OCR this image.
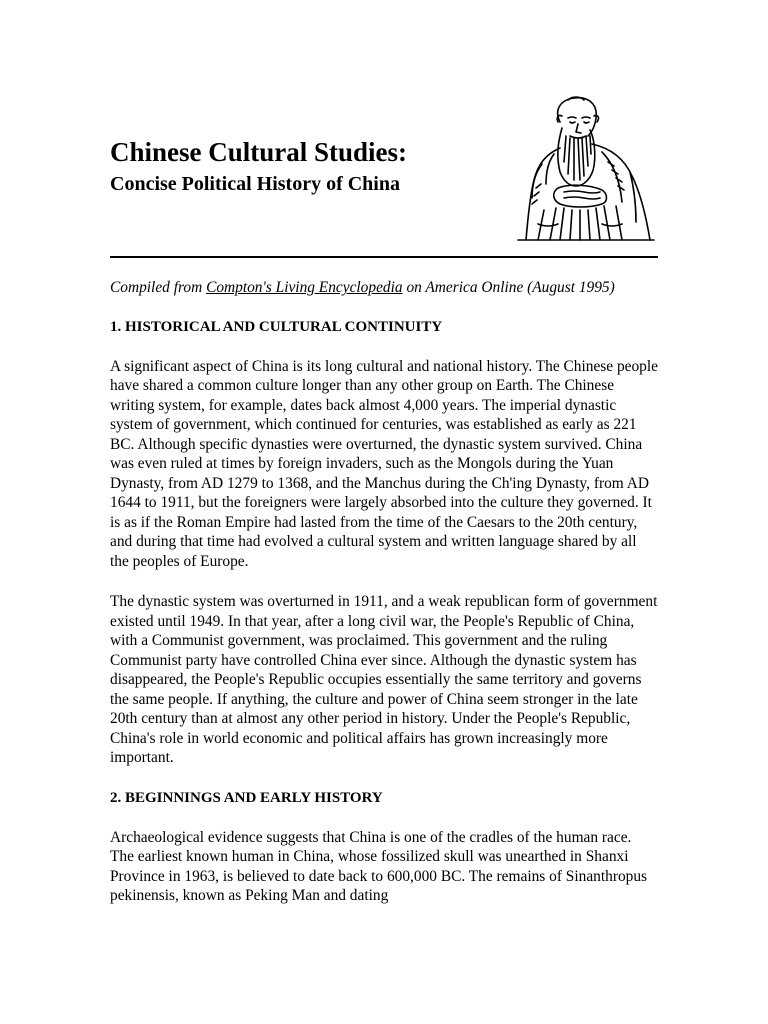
Chinese Cultural Studies:
Concise Political History of China

Compiled from Compton's Living Encyclopedia on America Online (August 1995)

1. HISTORICAL AND CULTURAL CONTINUITY

A significant aspect of China is its long cultural and national history. The Chinese people have shared a common culture longer than any other group on Earth. The Chinese writing system, for example, dates back almost 4,000 years. The imperial dynastic system of government, which continued for centuries, was established as early as 221 BC. Although specific dynasties were overturned, the dynastic system survived. China was even ruled at times by foreign invaders, such as the Mongols during the Yuan Dynasty, from AD 1279 to 1368, and the Manchus during the Ch'ing Dynasty, from AD 1644 to 1911, but the foreigners were largely absorbed into the culture they governed. It is as if the Roman Empire had lasted from the time of the Caesars to the 20th century, and during that time had evolved a cultural system and written language shared by all the peoples of Europe.

The dynastic system was overturned in 1911, and a weak republican form of government existed until 1949. In that year, after a long civil war, the People's Republic of China, with a Communist government, was proclaimed. This government and the ruling Communist party have controlled China ever since. Although the dynastic system has disappeared, the People's Republic occupies essentially the same territory and governs the same people. If anything, the culture and power of China seem stronger in the late 20th century than at almost any other period in history. Under the People's Republic, China's role in world economic and political affairs has grown increasingly more important.

2. BEGINNINGS AND EARLY HISTORY

Archaeological evidence suggests that China is one of the cradles of the human race. The earliest known human in China, whose fossilized skull was unearthed in Shanxi Province in 1963, is believed to date back to 600,000 BC. The remains of Sinanthropus pekinensis, known as Peking Man and dating
